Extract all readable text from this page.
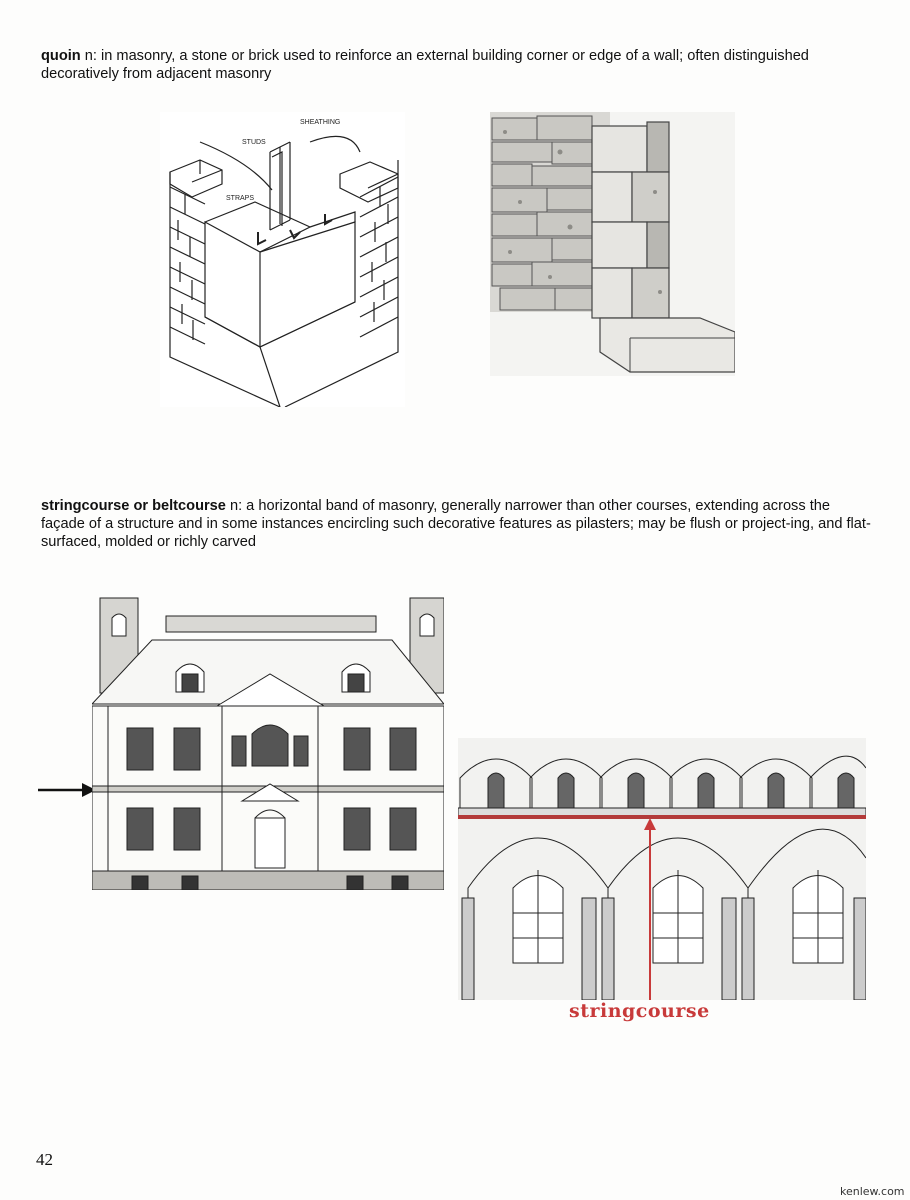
quoin n: in masonry, a stone or brick used to reinforce an external building corner or edge of a wall; often distinguished decoratively from adjacent masonry

SHEATHING
STUDS
STRAPS

stringcourse or beltcourse n: a horizontal band of masonry, generally narrower than other courses, extending across the façade of a structure and in some instances encircling such decorative features as pilasters; may be flush or project-ing, and flat-surfaced, molded or richly carved

stringcourse
42
kenlew.com
